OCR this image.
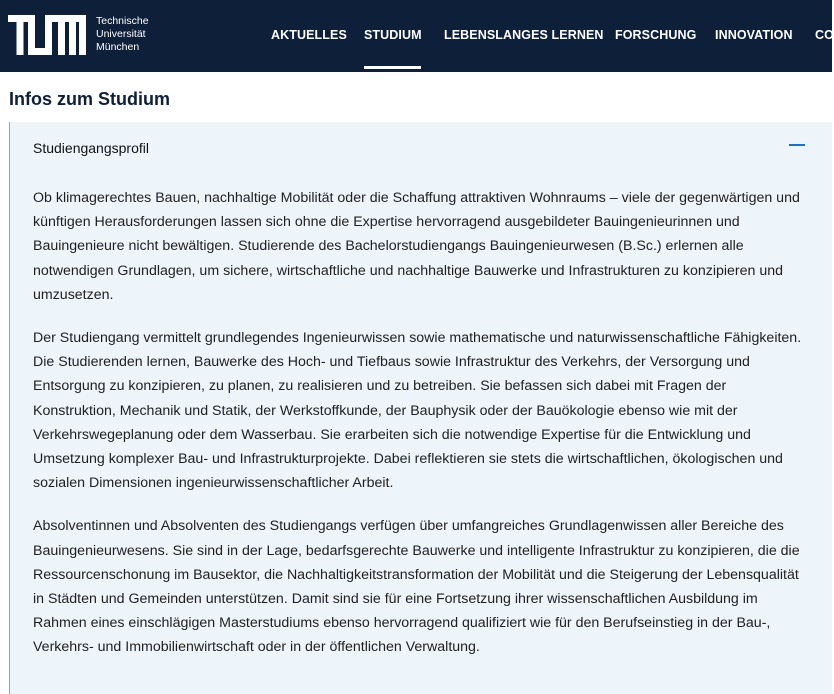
Technische
Universität
München
AKTUELLES STUDIUM LEBENSLANGES LERNEN FORSCHUNG INNOVATION CO
Infos zum Studium
Studiengangsprofil

Ob klimagerechtes Bauen, nachhaltige Mobilität oder die Schaffung attraktiven Wohnraums – viele der gegenwärtigen und künftigen Herausforderungen lassen sich ohne die Expertise hervorragend ausgebildeter Bauingenieurinnen und Bauingenieure nicht bewältigen. Studierende des Bachelorstudiengangs Bauingenieurwesen (B.Sc.) erlernen alle notwendigen Grundlagen, um sichere, wirtschaftliche und nachhaltige Bauwerke und Infrastrukturen zu konzipieren und umzusetzen.

Der Studiengang vermittelt grundlegendes Ingenieurwissen sowie mathematische und naturwissenschaftliche Fähigkeiten. Die Studierenden lernen, Bauwerke des Hoch- und Tiefbaus sowie Infrastruktur des Verkehrs, der Versorgung und Entsorgung zu konzipieren, zu planen, zu realisieren und zu betreiben. Sie befassen sich dabei mit Fragen der Konstruktion, Mechanik und Statik, der Werkstoffkunde, der Bauphysik oder der Bauökologie ebenso wie mit der Verkehrswegeplanung oder dem Wasserbau. Sie erarbeiten sich die notwendige Expertise für die Entwicklung und Umsetzung komplexer Bau- und Infrastrukturprojekte. Dabei reflektieren sie stets die wirtschaftlichen, ökologischen und sozialen Dimensionen ingenieurwissenschaftlicher Arbeit.

Absolventinnen und Absolventen des Studiengangs verfügen über umfangreiches Grundlagenwissen aller Bereiche des Bauingenieurwesens. Sie sind in der Lage, bedarfsgerechte Bauwerke und intelligente Infrastruktur zu konzipieren, die die Ressourcenschonung im Bausektor, die Nachhaltigkeitstransformation der Mobilität und die Steigerung der Lebensqualität in Städten und Gemeinden unterstützen. Damit sind sie für eine Fortsetzung ihrer wissenschaftlichen Ausbildung im Rahmen eines einschlägigen Masterstudiums ebenso hervorragend qualifiziert wie für den Berufseinstieg in der Bau-, Verkehrs- und Immobilienwirtschaft oder in der öffentlichen Verwaltung.
